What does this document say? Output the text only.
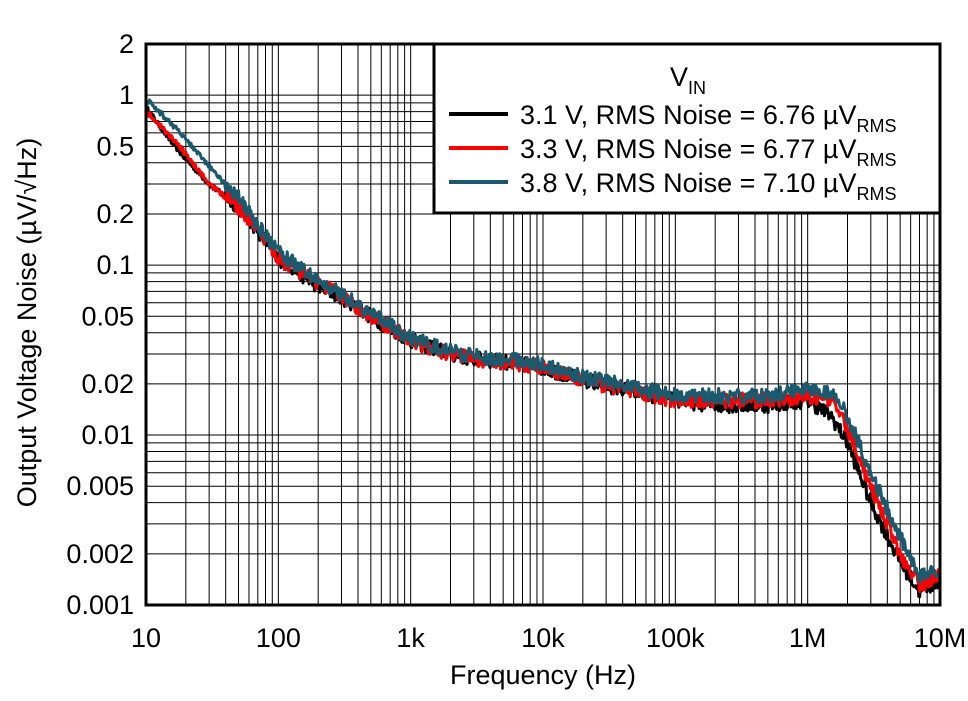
2
1
0.5
0.2
0.1
0.05
0.02
0.01
0.005
0.002
0.001
10	100	1k	10k	100k	1M	10M
Frequency (Hz)
Output Voltage Noise (µV/√Hz)
$V_{IN}$
3.1 V, RMS Noise = 6.76 µV$_{RMS}$
3.3 V, RMS Noise = 6.77 µV$_{RMS}$
3.8 V, RMS Noise = 7.10 µV$_{RMS}$
